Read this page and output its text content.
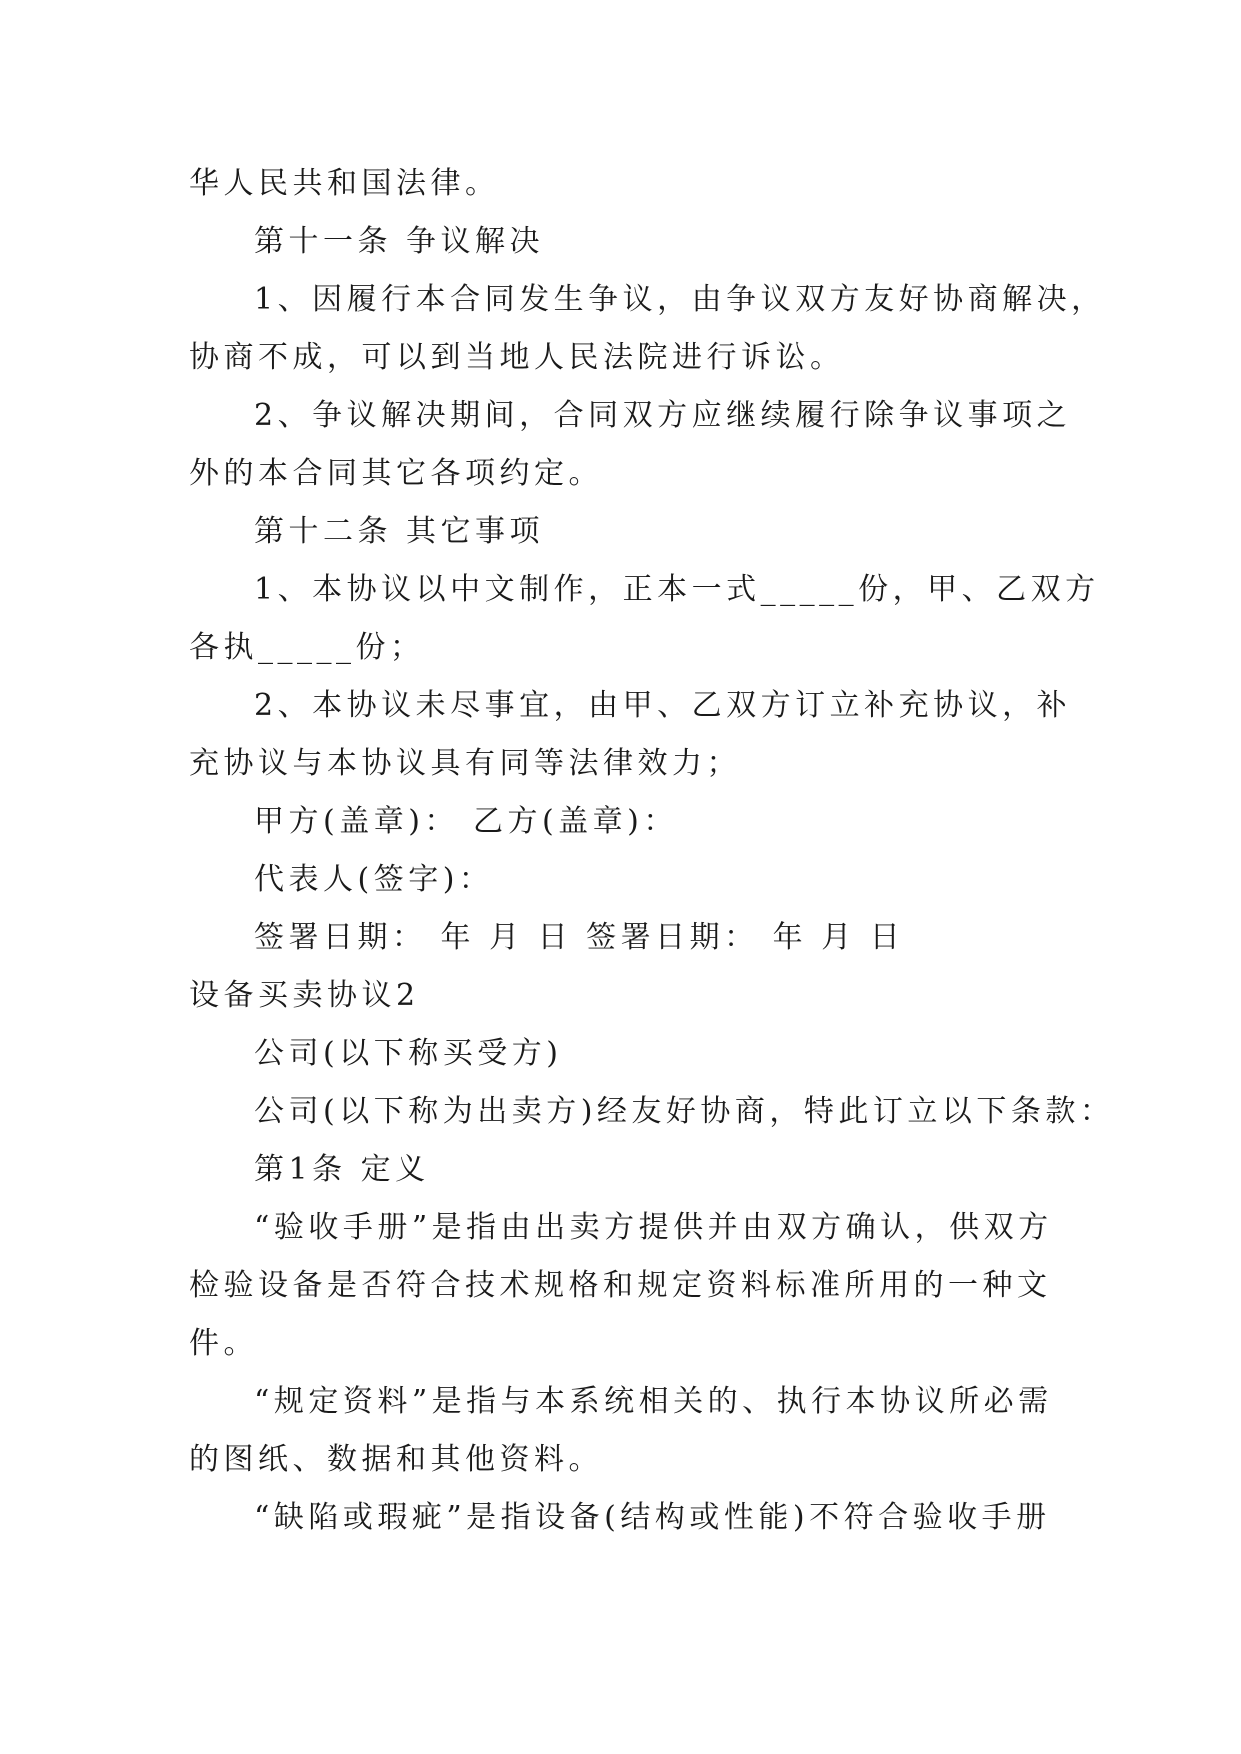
华人民共和国法律。

第十一条 争议解决

1、因履行本合同发生争议，由争议双方友好协商解决，

协商不成，可以到当地人民法院进行诉讼。

2、争议解决期间，合同双方应继续履行除争议事项之

外的本合同其它各项约定。

第十二条 其它事项

1、本协议以中文制作，正本一式_____份，甲、乙双方

各执_____份；

2、本协议未尽事宜，由甲、乙双方订立补充协议，补

充协议与本协议具有同等法律效力；

甲方(盖章)： 乙方(盖章)：

代表人(签字)：

签署日期： 年 月 日 签署日期： 年 月 日

设备买卖协议2

公司(以下称买受方)

公司(以下称为出卖方)经友好协商，特此订立以下条款：

第1条 定义

“验收手册”是指由出卖方提供并由双方确认，供双方

检验设备是否符合技术规格和规定资料标准所用的一种文

件。

“规定资料”是指与本系统相关的、执行本协议所必需

的图纸、数据和其他资料。

“缺陷或瑕疵”是指设备(结构或性能)不符合验收手册
